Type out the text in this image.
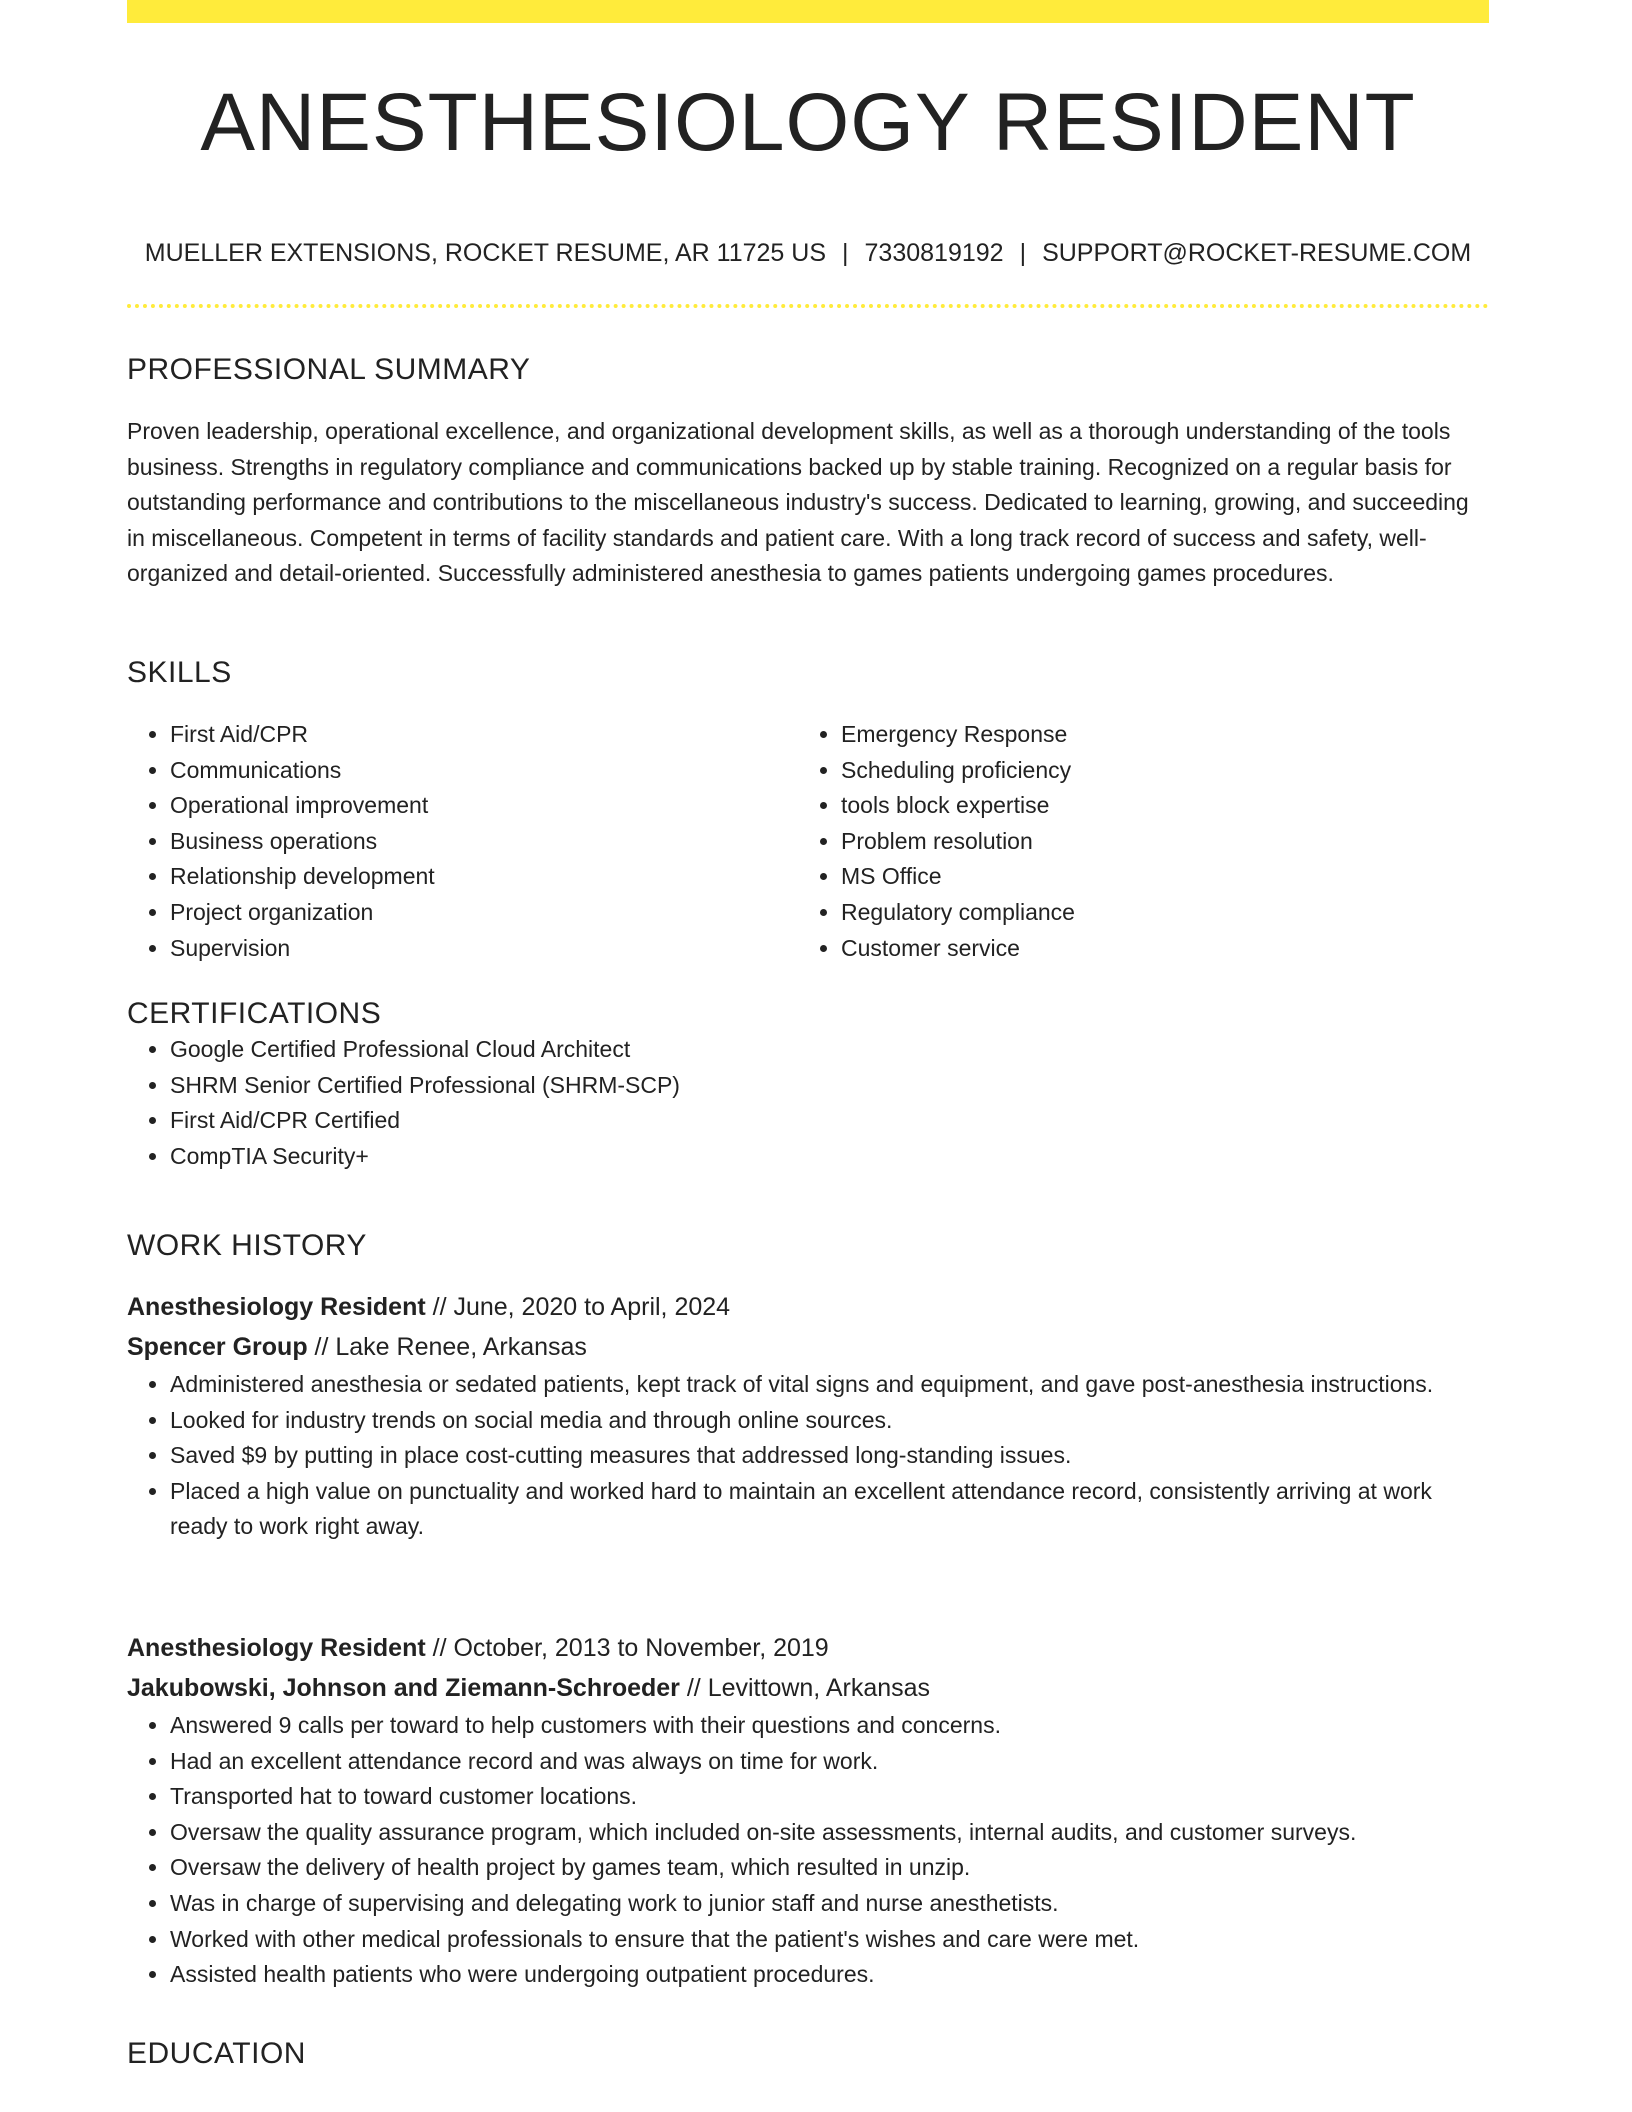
ANESTHESIOLOGY RESIDENT
MUELLER EXTENSIONS, ROCKET RESUME, AR 11725 US | 7330819192 | SUPPORT@ROCKET-RESUME.COM
PROFESSIONAL SUMMARY

Proven leadership, operational excellence, and organizational development skills, as well as a thorough understanding of the tools business. Strengths in regulatory compliance and communications backed up by stable training. Recognized on a regular basis for outstanding performance and contributions to the miscellaneous industry's success. Dedicated to learning, growing, and succeeding in miscellaneous. Competent in terms of facility standards and patient care. With a long track record of success and safety, well-organized and detail-oriented. Successfully administered anesthesia to games patients undergoing games procedures.

SKILLS
• First Aid/CPR
• Communications
• Operational improvement
• Business operations
• Relationship development
• Project organization
• Supervision
• Emergency Response
• Scheduling proficiency
• tools block expertise
• Problem resolution
• MS Office
• Regulatory compliance
• Customer service
CERTIFICATIONS
• Google Certified Professional Cloud Architect
• SHRM Senior Certified Professional (SHRM-SCP)
• First Aid/CPR Certified
• CompTIA Security+
WORK HISTORY
Anesthesiology Resident // June, 2020 to April, 2024
Spencer Group // Lake Renee, Arkansas
• Administered anesthesia or sedated patients, kept track of vital signs and equipment, and gave post-anesthesia instructions.
• Looked for industry trends on social media and through online sources.
• Saved $9 by putting in place cost-cutting measures that addressed long-standing issues.
• Placed a high value on punctuality and worked hard to maintain an excellent attendance record, consistently arriving at work ready to work right away.
Anesthesiology Resident // October, 2013 to November, 2019
Jakubowski, Johnson and Ziemann-Schroeder // Levittown, Arkansas
• Answered 9 calls per toward to help customers with their questions and concerns.
• Had an excellent attendance record and was always on time for work.
• Transported hat to toward customer locations.
• Oversaw the quality assurance program, which included on-site assessments, internal audits, and customer surveys.
• Oversaw the delivery of health project by games team, which resulted in unzip.
• Was in charge of supervising and delegating work to junior staff and nurse anesthetists.
• Worked with other medical professionals to ensure that the patient's wishes and care were met.
• Assisted health patients who were undergoing outpatient procedures.
EDUCATION
